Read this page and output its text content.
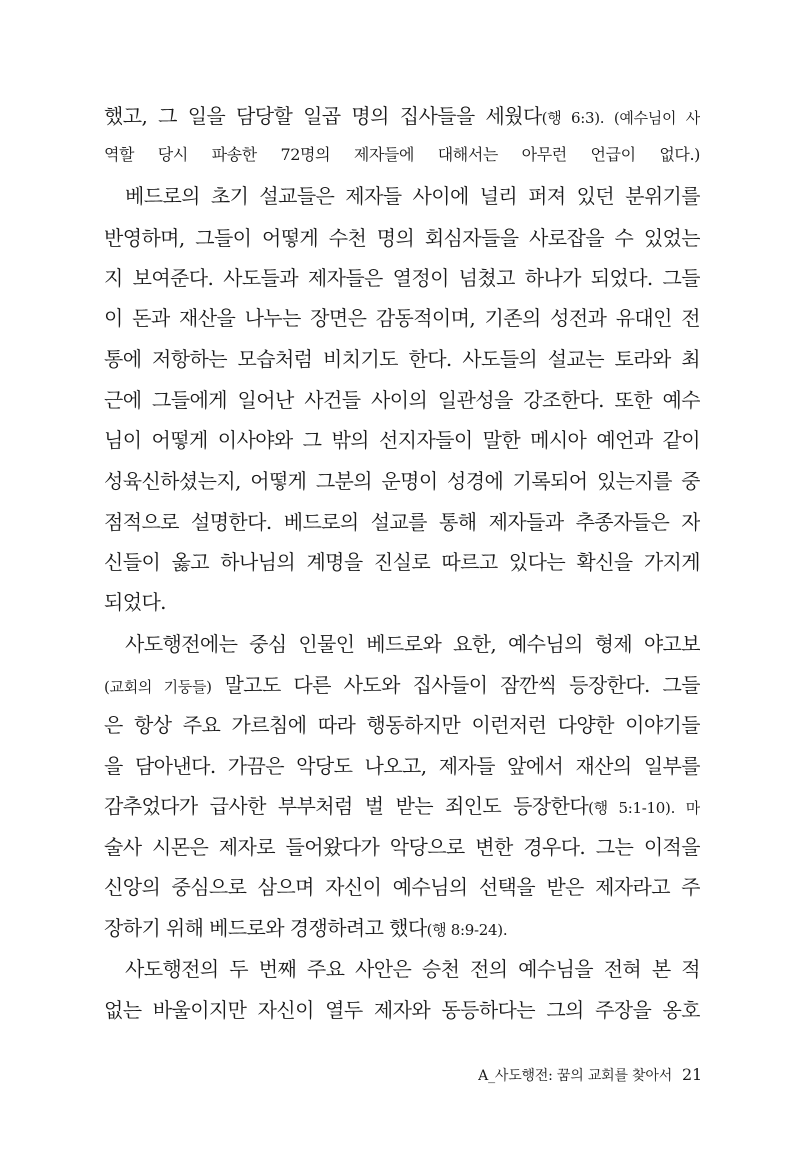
했고, 그 일을 담당할 일곱 명의 집사들을 세웠다(행 6:3). (예수님이 사
역할 당시 파송한 72명의 제자들에 대해서는 아무런 언급이 없다.)
베드로의 초기 설교들은 제자들 사이에 널리 퍼져 있던 분위기를
반영하며, 그들이 어떻게 수천 명의 회심자들을 사로잡을 수 있었는
지 보여준다. 사도들과 제자들은 열정이 넘쳤고 하나가 되었다. 그들
이 돈과 재산을 나누는 장면은 감동적이며, 기존의 성전과 유대인 전
통에 저항하는 모습처럼 비치기도 한다. 사도들의 설교는 토라와 최
근에 그들에게 일어난 사건들 사이의 일관성을 강조한다. 또한 예수
님이 어떻게 이사야와 그 밖의 선지자들이 말한 메시아 예언과 같이
성육신하셨는지, 어떻게 그분의 운명이 성경에 기록되어 있는지를 중
점적으로 설명한다. 베드로의 설교를 통해 제자들과 추종자들은 자
신들이 옳고 하나님의 계명을 진실로 따르고 있다는 확신을 가지게
되었다.
사도행전에는 중심 인물인 베드로와 요한, 예수님의 형제 야고보
(교회의 기둥들) 말고도 다른 사도와 집사들이 잠깐씩 등장한다. 그들
은 항상 주요 가르침에 따라 행동하지만 이런저런 다양한 이야기들
을 담아낸다. 가끔은 악당도 나오고, 제자들 앞에서 재산의 일부를
감추었다가 급사한 부부처럼 벌 받는 죄인도 등장한다(행 5:1-10). 마
술사 시몬은 제자로 들어왔다가 악당으로 변한 경우다. 그는 이적을
신앙의 중심으로 삼으며 자신이 예수님의 선택을 받은 제자라고 주
장하기 위해 베드로와 경쟁하려고 했다(행 8:9-24).
사도행전의 두 번째 주요 사안은 승천 전의 예수님을 전혀 본 적
없는 바울이지만 자신이 열두 제자와 동등하다는 그의 주장을 옹호
A_사도행전: 꿈의 교회를 찾아서 21
